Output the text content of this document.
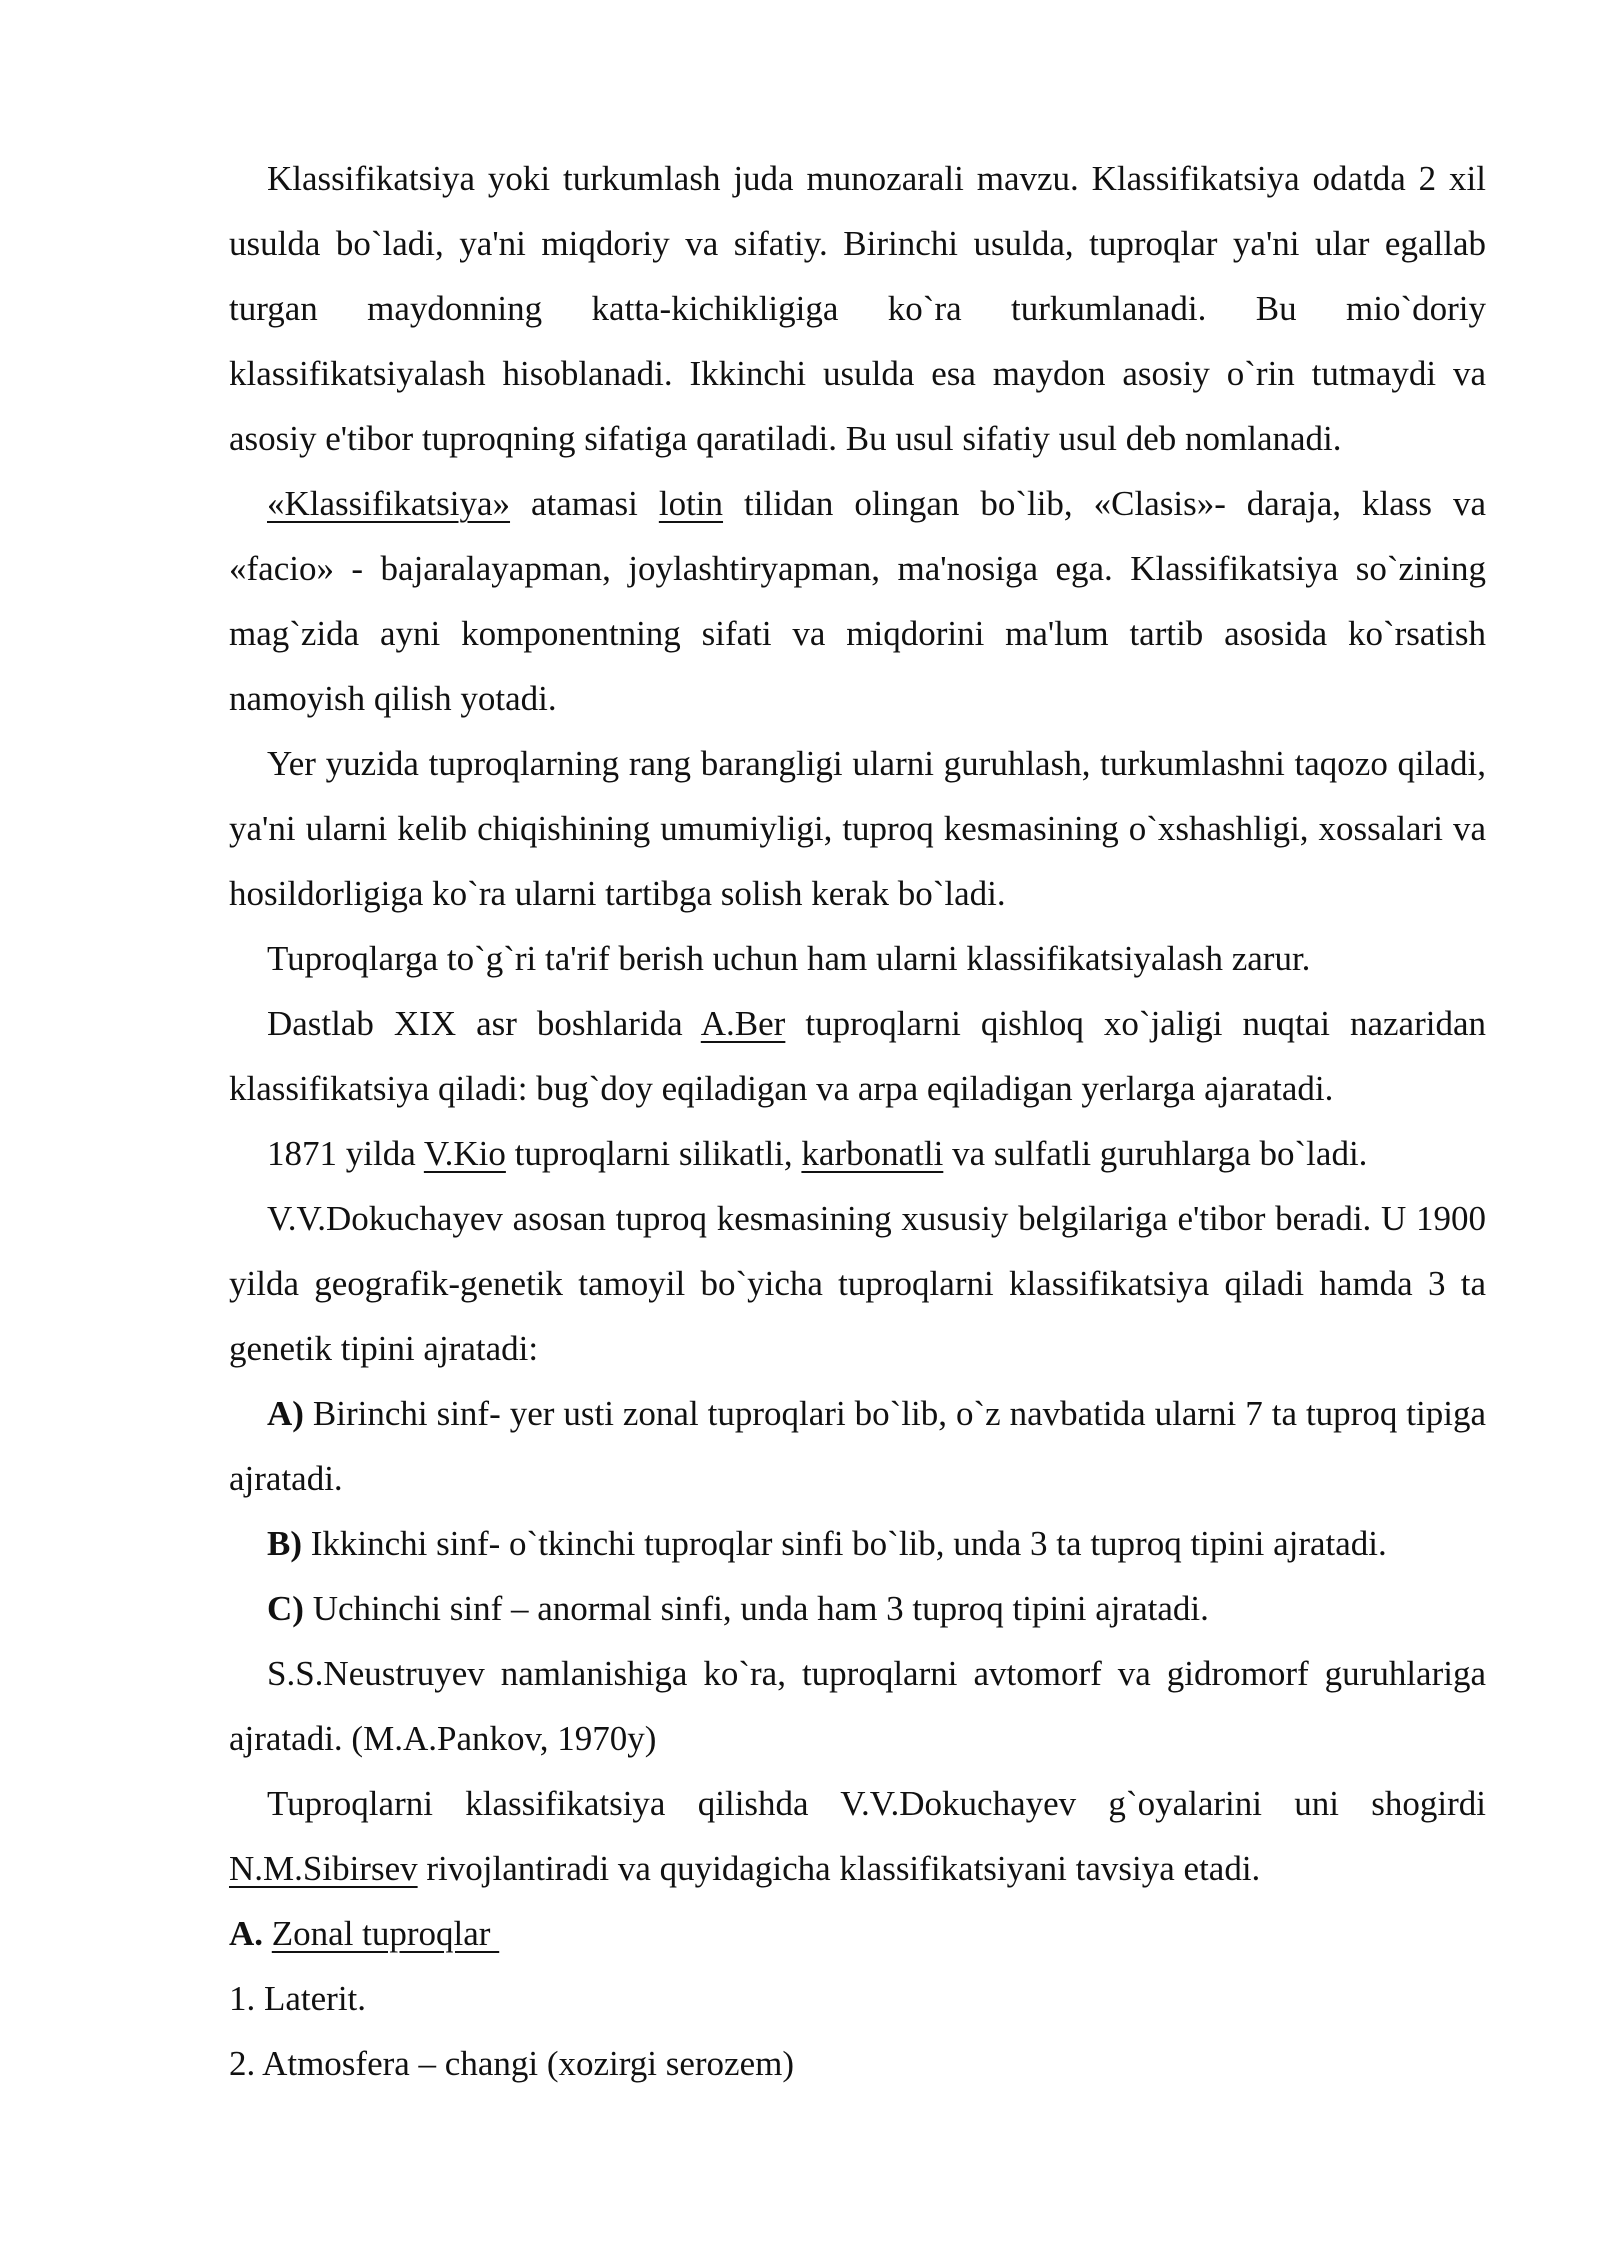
Klassifikatsiya yoki turkumlash juda munozarali mavzu. Klassifikatsiya odatda 2 xil usulda bo`ladi, ya'ni miqdoriy va sifatiy. Birinchi usulda, tuproqlar ya'ni ular egallab turgan maydonning katta-kichikligiga ko`ra turkumlanadi. Bu mio`doriy klassifikatsiyalash hisoblanadi. Ikkinchi usulda esa maydon asosiy o`rin tutmaydi va asosiy e'tibor tuproqning sifatiga qaratiladi. Bu usul sifatiy usul deb nomlanadi.

«Klassifikatsiya» atamasi lotin tilidan olingan bo`lib, «Clasis»- daraja, klass va «facio» - bajaralayapman, joylashtiryapman, ma'nosiga ega. Klassifikatsiya so`zining mag`zida ayni komponentning sifati va miqdorini ma'lum tartib asosida ko`rsatish namoyish qilish yotadi.

Yer yuzida tuproqlarning rang barangligi ularni guruhlash, turkumlashni taqozo qiladi, ya'ni ularni kelib chiqishining umumiyligi, tuproq kesmasining o`xshashligi, xossalari va hosildorligiga ko`ra ularni tartibga solish kerak bo`ladi.

Tuproqlarga to`g`ri ta'rif berish uchun ham ularni klassifikatsiyalash zarur.

Dastlab XIX asr boshlarida A.Ber tuproqlarni qishloq xo`jaligi nuqtai nazaridan klassifikatsiya qiladi: bug`doy eqiladigan va arpa eqiladigan yerlarga ajaratadi.

1871 yilda V.Kio tuproqlarni silikatli, karbonatli va sulfatli guruhlarga bo`ladi.

V.V.Dokuchayev asosan tuproq kesmasining xususiy belgilariga e'tibor beradi. U 1900 yilda geografik-genetik tamoyil bo`yicha tuproqlarni klassifikatsiya qiladi hamda 3 ta genetik tipini ajratadi:

A) Birinchi sinf- yer usti zonal tuproqlari bo`lib, o`z navbatida ularni 7 ta tuproq tipiga ajratadi.

B) Ikkinchi sinf- o`tkinchi tuproqlar sinfi bo`lib, unda 3 ta tuproq tipini ajratadi.

C) Uchinchi sinf – anormal sinfi, unda ham 3 tuproq tipini ajratadi.

S.S.Neustruyev namlanishiga ko`ra, tuproqlarni avtomorf va gidromorf guruhlariga ajratadi. (M.A.Pankov, 1970y)

Tuproqlarni klassifikatsiya qilishda V.V.Dokuchayev g`oyalarini uni shogirdi N.M.Sibirsev rivojlantiradi va quyidagicha klassifikatsiyani tavsiya etadi.

A. Zonal tuproqlar

1. Laterit.

2. Atmosfera – changi (xozirgi serozem)
